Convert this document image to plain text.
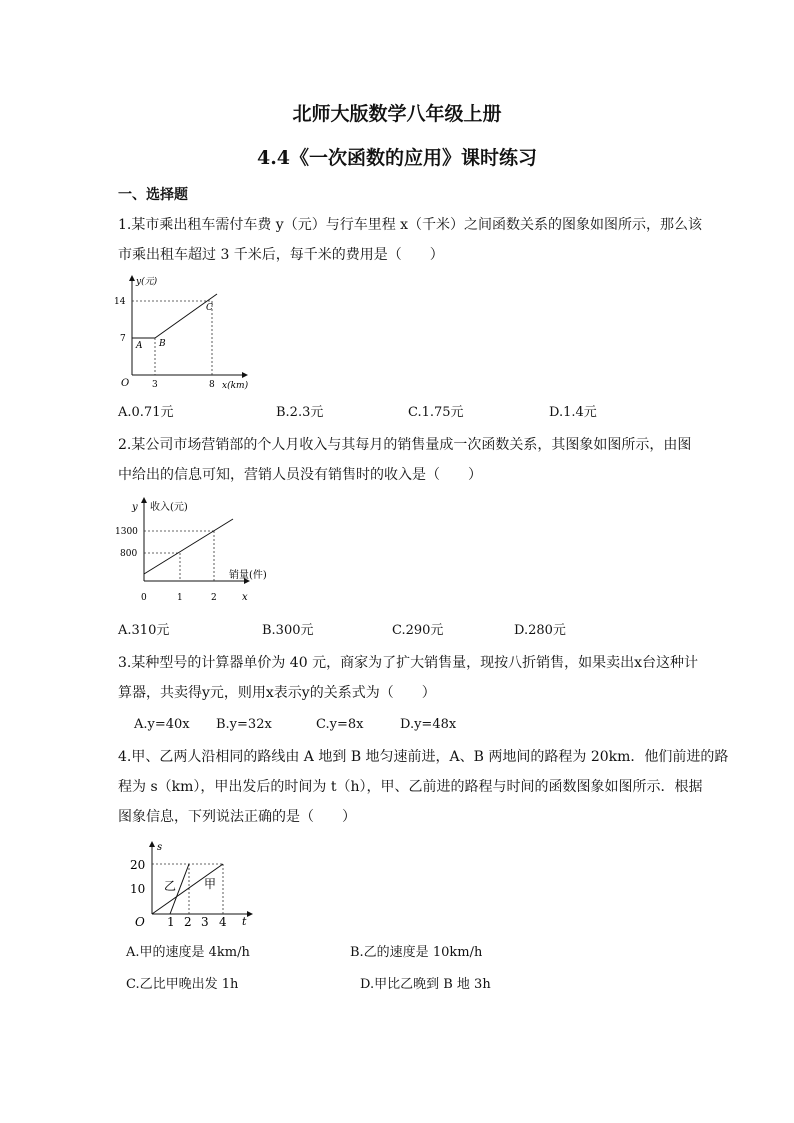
北师大版数学八年级上册
4.4《一次函数的应用》课时练习
一、选择题
1.某市乘出租车需付车费 y（元）与行车里程 x（千米）之间函数关系的图象如图所示，那么该
市乘出租车超过 3 千米后，每千米的费用是（　　）
y(元)
x(km)
O
14
7
3	8
A B
C
A.0.71元	B.2.3元	C.1.75元	D.1.4元
2.某公司市场营销部的个人月收入与其每月的销售量成一次函数关系，其图象如图所示，由图
中给出的信息可知，营销人员没有销售时的收入是（　　）
y 收入(元)
销量(件)
x
1300
800
0	1	2
A.310元	B.300元	C.290元	D.280元
3.某种型号的计算器单价为 40 元，商家为了扩大销售量，现按八折销售，如果卖出x台这种计
算器，共卖得y元，则用x表示y的关系式为（　　）
A.y=40x B.y=32x	C.y=8x	D.y=48x
4.甲、乙两人沿相同的路线由 A 地到 B 地匀速前进，A、B 两地间的路程为 20km．他们前进的路
程为 s（km），甲出发后的时间为 t（h），甲、乙前进的路程与时间的函数图象如图所示．根据
图象信息，下列说法正确的是（　　）
s
t
O
20
10
1 2 3 4
乙 甲
A.甲的速度是 4km/h	B.乙的速度是 10km/h
C.乙比甲晚出发 1h	D.甲比乙晚到 B 地 3h
